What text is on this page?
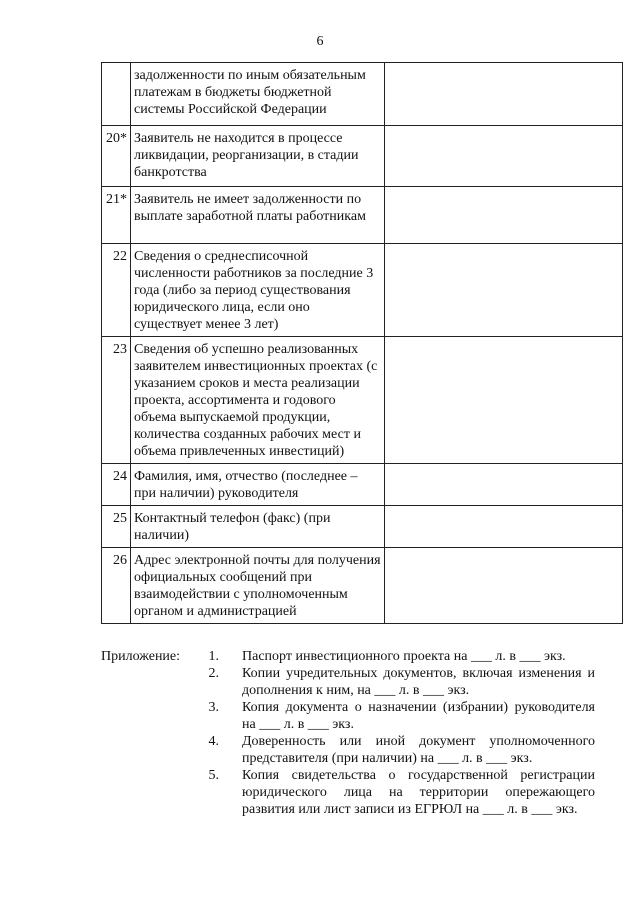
6
	задолженности по иным обязательным платежам в бюджеты бюджетной системы Российской Федерации	
20*	Заявитель не находится в процессе ликвидации, реорганизации, в стадии банкротства	
21*	Заявитель не имеет задолженности по выплате заработной платы работникам	
22	Сведения о среднесписочной численности работников за последние 3 года (либо за период существования юридического лица, если оно существует менее 3 лет)	
23	Сведения об успешно реализованных заявителем инвестиционных проектах (с указанием сроков и места реализации проекта, ассортимента и годового объема выпускаемой продукции, количества созданных рабочих мест и объема привлеченных инвестиций)	
24	Фамилия, имя, отчество (последнее – при наличии) руководителя	
25	Контактный телефон (факс) (при наличии)	
26	Адрес электронной почты для получения официальных сообщений при взаимодействии с уполномоченным органом и администрацией	
Приложение:	1. Паспорт инвестиционного проекта на ___ л. в ___ экз.
2. Копии учредительных документов, включая изменения и дополнения к ним, на ___ л. в ___ экз.
3. Копия документа о назначении (избрании) руководителя на ___ л. в ___ экз.
4. Доверенность или иной документ уполномоченного представителя (при наличии) на ___ л. в ___ экз.
5. Копия свидетельства о государственной регистрации юридического лица на территории опережающего развития или лист записи из ЕГРЮЛ на ___ л. в ___ экз.
